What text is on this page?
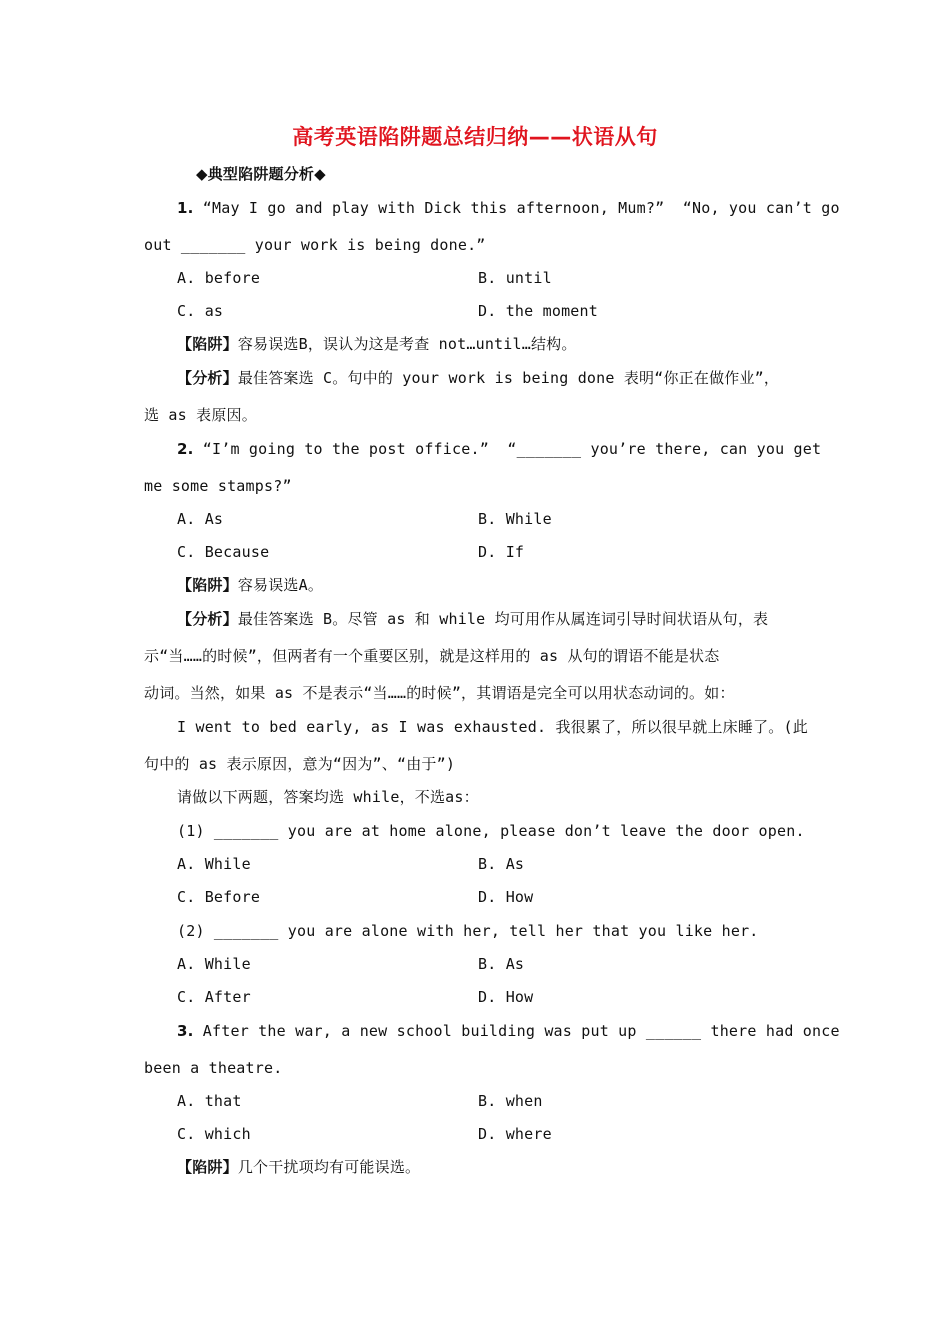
高考英语陷阱题总结归纳——状语从句
◆典型陷阱题分析◆
1. “May I go and play with Dick this afternoon, Mum?”  “No, you can’t go
out _______ your work is being done.”
A. before	B. until
C. as	D. the moment
【陷阱】容易误选B，误认为这是考查 not…until…结构。
【分析】最佳答案选 C。句中的 your work is being done 表明“你正在做作业”，
选 as 表原因。
2. “I’m going to the post office.”  “_______ you’re there, can you get
me some stamps?”
A. As	B. While
C. Because	D. If
【陷阱】容易误选A。
【分析】最佳答案选 B。尽管 as 和 while 均可用作从属连词引导时间状语从句，表
示“当……的时候”，但两者有一个重要区别，就是这样用的 as 从句的谓语不能是状态
动词。当然，如果 as 不是表示“当……的时候”，其谓语是完全可以用状态动词的。如：
I went to bed early, as I was exhausted. 我很累了，所以很早就上床睡了。(此
句中的 as 表示原因，意为“因为”、“由于”)
请做以下两题，答案均选 while，不选as：
(1) _______ you are at home alone, please don’t leave the door open.
A. While	B. As
C. Before	D. How
(2) _______ you are alone with her, tell her that you like her.
A. While	B. As
C. After	D. How
3. After the war, a new school building was put up ______ there had once
been a theatre.
A. that	B. when
C. which	D. where
【陷阱】几个干扰项均有可能误选。
